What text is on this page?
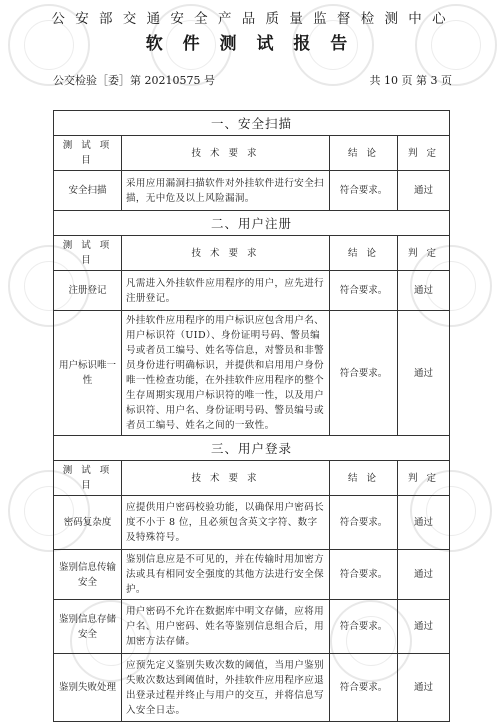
公 安 部 交 通 安 全 产 品 质 量 监 督 检 测 中 心
软 件 测 试 报 告
公交检验［委］第 20210575 号	共 10 页 第 3 页
一、安全扫描			
测 试 项 目	技 术 要 求	结 论	判 定
安全扫描	采用应用漏洞扫描软件对外挂软件进行安全扫描，无中危及以上风险漏洞。	符合要求。	通过
二、用户注册			
测 试 项 目	技 术 要 求	结 论	判 定
注册登记	凡需进入外挂软件应用程序的用户，应先进行注册登记。	符合要求。	通过
用户标识唯一性	外挂软件应用程序的用户标识应包含用户名、用户标识符（UID）、身份证明号码、警员编号或者员工编号、姓名等信息，对警员和非警员身份进行明确标识，并提供和启用用户身份唯一性检查功能，在外挂软件应用程序的整个生存周期实现用户标识符的唯一性，以及用户标识符、用户名、身份证明号码、警员编号或者员工编号、姓名之间的一致性。	符合要求。	通过
三、用户登录			
测 试 项 目	技 术 要 求	结 论	判 定
密码复杂度	应提供用户密码校验功能，以确保用户密码长度不小于 8 位，且必须包含英文字符、数字及特殊符号。	符合要求。	通过
鉴别信息传输安全	鉴别信息应是不可见的，并在传输时用加密方法或具有相同安全强度的其他方法进行安全保护。	符合要求。	通过
鉴别信息存储安全	用户密码不允许在数据库中明文存储，应将用户名、用户密码、姓名等鉴别信息组合后，用加密方法存储。	符合要求。	通过
鉴别失败处理	应预先定义鉴别失败次数的阈值，当用户鉴别失败次数达到阈值时，外挂软件应用程序应退出登录过程并终止与用户的交互，并将信息写入安全日志。	符合要求。	通过
